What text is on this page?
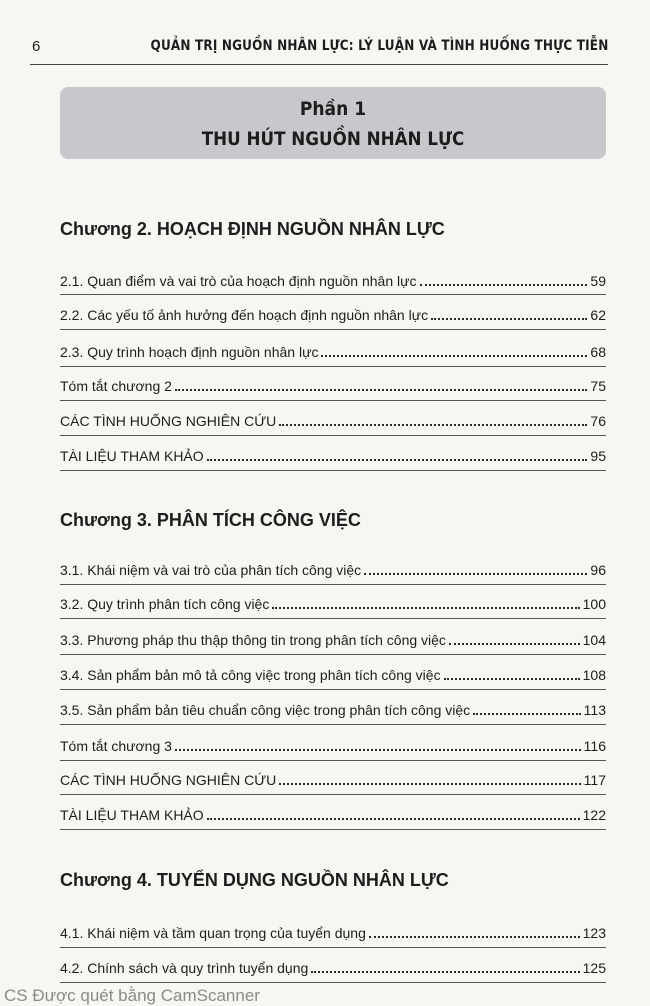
6	QUẢN TRỊ NGUỒN NHÂN LỰC: LÝ LUẬN VÀ TÌNH HUỐNG THỰC TIỄN
Phần 1
THU HÚT NGUỒN NHÂN LỰC
Chương 2. HOẠCH ĐỊNH NGUỒN NHÂN LỰC
2.1. Quan điểm và vai trò của hoạch định nguồn nhân lực	59
2.2. Các yếu tố ảnh hưởng đến hoạch định nguồn nhân lực	62
2.3. Quy trình hoạch định nguồn nhân lực	68
Tóm tắt chương 2	75
CÁC TÌNH HUỐNG NGHIÊN CỨU	76
TÀI LIỆU THAM KHẢO	95
Chương 3. PHÂN TÍCH CÔNG VIỆC
3.1. Khái niệm và vai trò của phân tích công việc	96
3.2. Quy trình phân tích công việc	100
3.3. Phương pháp thu thập thông tin trong phân tích công việc	104
3.4. Sản phẩm bản mô tả công việc trong phân tích công việc	108
3.5. Sản phẩm bản tiêu chuẩn công việc trong phân tích công việc	113
Tóm tắt chương 3	116
CÁC TÌNH HUỐNG NGHIÊN CỨU	117
TÀI LIỆU THAM KHẢO	122
Chương 4. TUYỂN DỤNG NGUỒN NHÂN LỰC
4.1. Khái niệm và tầm quan trọng của tuyển dụng	123
4.2. Chính sách và quy trình tuyển dụng	125
CS Được quét bằng CamScanner
